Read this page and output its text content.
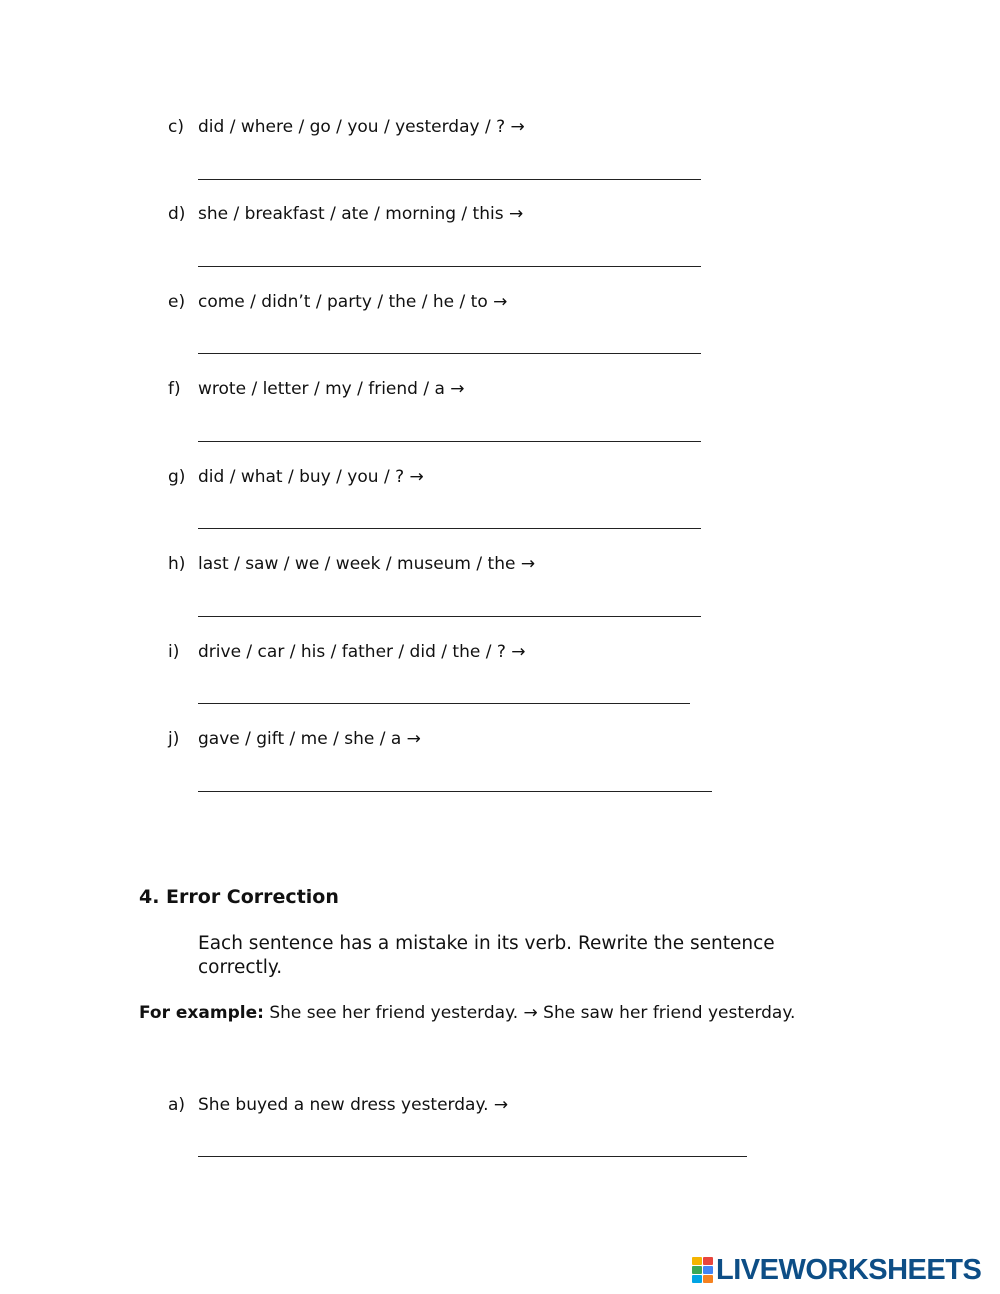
c) did / where / go / you / yesterday / ? →
d) she / breakfast / ate / morning / this →
e) come / didn’t / party / the / he / to →
f) wrote / letter / my / friend / a →
g) did / what / buy / you / ? →
h) last / saw / we / week / museum / the →
i) drive / car / his / father / did / the / ? →
j) gave / gift / me / she / a →
4. Error Correction
Each sentence has a mistake in its verb. Rewrite the sentence correctly.
For example: She see her friend yesterday. → She saw her friend yesterday.
a) She buyed a new dress yesterday. →
LIVEWORKSHEETS
